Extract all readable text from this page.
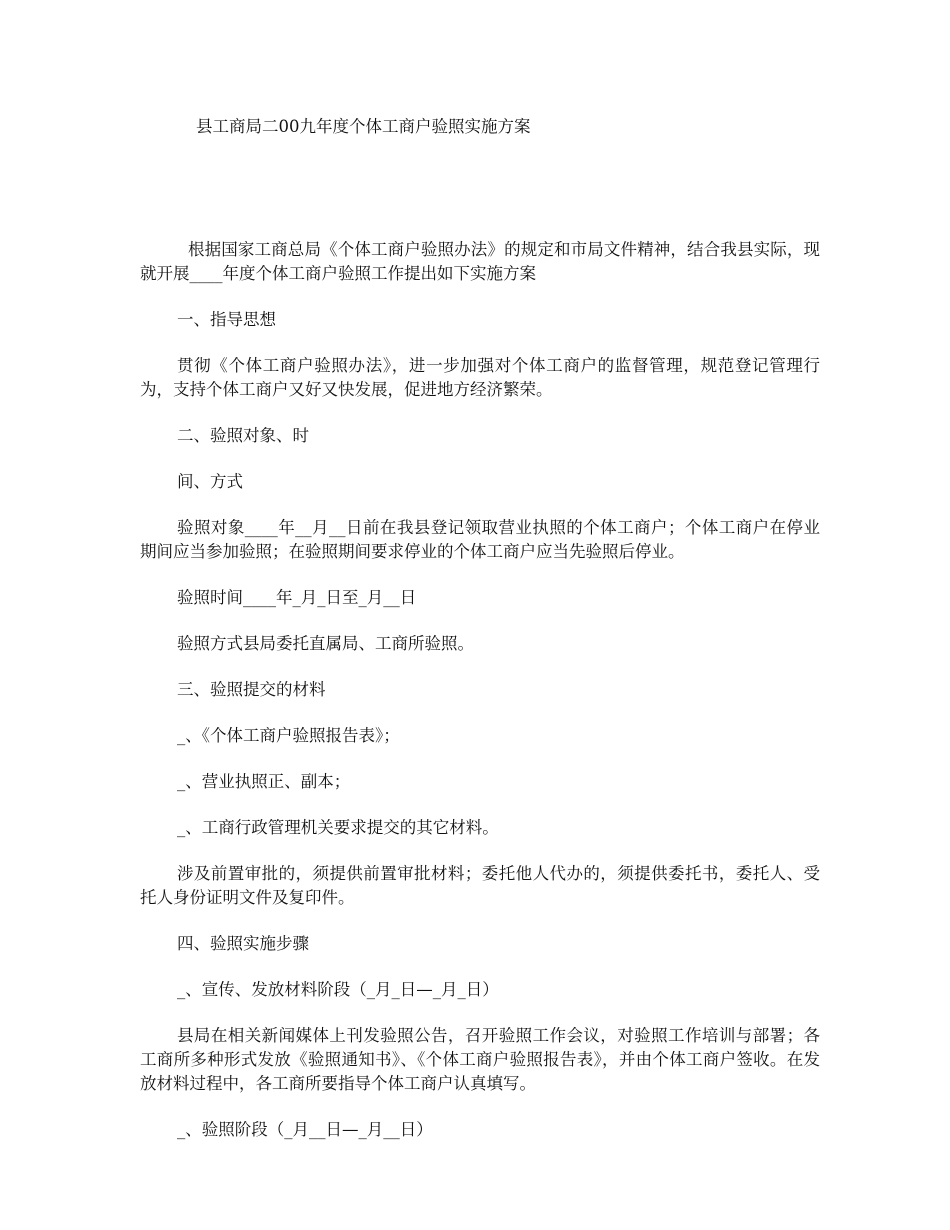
县工商局二00九年度个体工商户验照实施方案

根据国家工商总局《个体工商户验照办法》的规定和市局文件精神，结合我县实际，现就开展____年度个体工商户验照工作提出如下实施方案

一、指导思想

贯彻《个体工商户验照办法》，进一步加强对个体工商户的监督管理，规范登记管理行为，支持个体工商户又好又快发展，促进地方经济繁荣。

二、验照对象、时

间、方式

验照对象____年__月__日前在我县登记领取营业执照的个体工商户；个体工商户在停业期间应当参加验照；在验照期间要求停业的个体工商户应当先验照后停业。

验照时间____年_月_日至_月__日

验照方式县局委托直属局、工商所验照。

三、验照提交的材料

_、《个体工商户验照报告表》；

_、营业执照正、副本；

_、工商行政管理机关要求提交的其它材料。

涉及前置审批的，须提供前置审批材料；委托他人代办的，须提供委托书，委托人、受托人身份证明文件及复印件。

四、验照实施步骤

_、宣传、发放材料阶段（_月_日—_月_日）

县局在相关新闻媒体上刊发验照公告，召开验照工作会议，对验照工作培训与部署；各工商所多种形式发放《验照通知书》、《个体工商户验照报告表》，并由个体工商户签收。在发放材料过程中，各工商所要指导个体工商户认真填写。

_、验照阶段（_月__日—_月__日）
